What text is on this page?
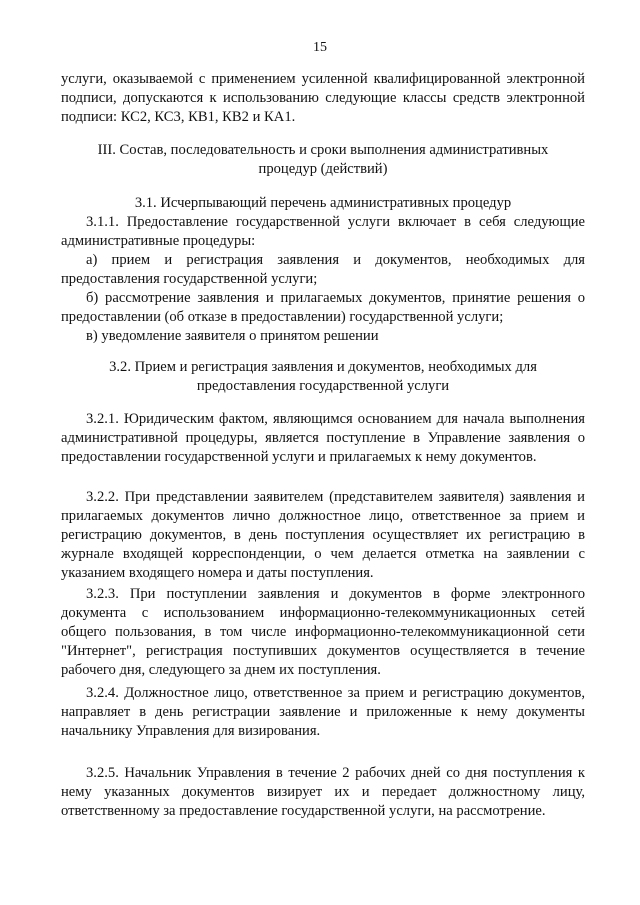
15

услуги, оказываемой с применением усиленной квалифицированной электронной подписи, допускаются к использованию следующие классы средств электронной подписи: КС2, КС3, КВ1, КВ2 и КА1.

III. Состав, последовательность и сроки выполнения административных

процедур (действий)

3.1. Исчерпывающий перечень административных процедур

3.1.1. Предоставление государственной услуги включает в себя следующие административные процедуры:

а) прием и регистрация заявления и документов, необходимых для предоставления государственной услуги;

б) рассмотрение заявления и прилагаемых документов, принятие решения о предоставлении (об отказе в предоставлении) государственной услуги;

в) уведомление заявителя о принятом решении

3.2. Прием и регистрация заявления и документов, необходимых для

предоставления государственной услуги

3.2.1. Юридическим фактом, являющимся основанием для начала выполнения административной процедуры, является поступление в Управление заявления о предоставлении государственной услуги и прилагаемых к нему документов.

3.2.2. При представлении заявителем (представителем заявителя) заявления и прилагаемых документов лично должностное лицо, ответственное за прием и регистрацию документов, в день поступления осуществляет их регистрацию в журнале входящей корреспонденции, о чем делается отметка на заявлении с указанием входящего номера и даты поступления.

3.2.3. При поступлении заявления и документов в форме электронного документа с использованием информационно-телекоммуникационных сетей общего пользования, в том числе информационно-телекоммуникационной сети "Интернет", регистрация поступивших документов осуществляется в течение рабочего дня, следующего за днем их поступления.

3.2.4. Должностное лицо, ответственное за прием и регистрацию документов, направляет в день регистрации заявление и приложенные к нему документы начальнику Управления для визирования.

3.2.5. Начальник Управления в течение 2 рабочих дней со дня поступления к нему указанных документов визирует их и передает должностному лицу, ответственному за предоставление государственной услуги, на рассмотрение.
